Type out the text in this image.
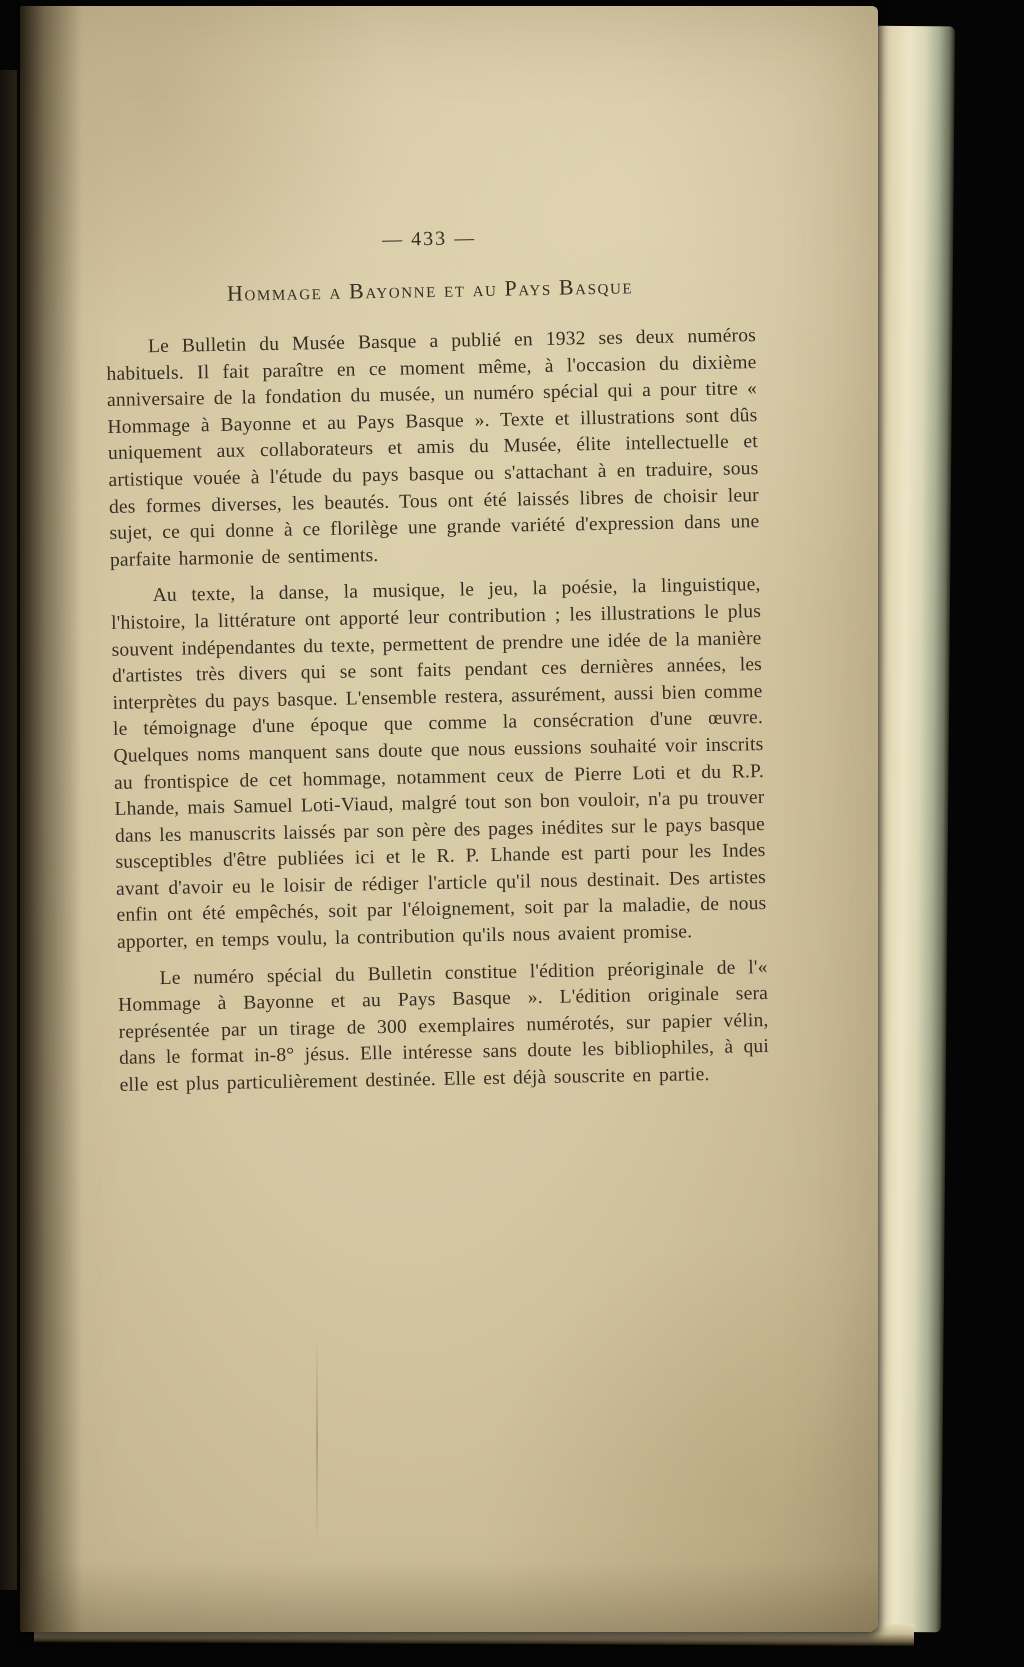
— 433 —
Hommage a Bayonne et au Pays Basque

Le Bulletin du Musée Basque a publié en 1932 ses deux numéros habituels. Il fait paraître en ce moment même, à l'occasion du dixième anniversaire de la fondation du musée, un numéro spécial qui a pour titre « Hommage à Bayonne et au Pays Basque ». Texte et illustrations sont dûs uniquement aux collaborateurs et amis du Musée, élite intellectuelle et artistique vouée à l'étude du pays basque ou s'attachant à en traduire, sous des formes diverses, les beautés. Tous ont été laissés libres de choisir leur sujet, ce qui donne à ce florilège une grande variété d'expression dans une parfaite harmonie de sentiments.

Au texte, la danse, la musique, le jeu, la poésie, la linguistique, l'histoire, la littérature ont apporté leur contribution ; les illustrations le plus souvent indépendantes du texte, permettent de prendre une idée de la manière d'artistes très divers qui se sont faits pendant ces dernières années, les interprètes du pays basque. L'ensemble restera, assurément, aussi bien comme le témoignage d'une époque que comme la consécration d'une œuvre. Quelques noms manquent sans doute que nous eussions souhaité voir inscrits au frontispice de cet hommage, notamment ceux de Pierre Loti et du R.P. Lhande, mais Samuel Loti-Viaud, malgré tout son bon vouloir, n'a pu trouver dans les manuscrits laissés par son père des pages inédites sur le pays basque susceptibles d'être publiées ici et le R. P. Lhande est parti pour les Indes avant d'avoir eu le loisir de rédiger l'article qu'il nous destinait. Des artistes enfin ont été empêchés, soit par l'éloignement, soit par la maladie, de nous apporter, en temps voulu, la contribution qu'ils nous avaient promise.

Le numéro spécial du Bulletin constitue l'édition préoriginale de l'« Hommage à Bayonne et au Pays Basque ». L'édition originale sera représentée par un tirage de 300 exemplaires numérotés, sur papier vélin, dans le format in-8° jésus. Elle intéresse sans doute les bibliophiles, à qui elle est plus particulièrement destinée. Elle est déjà souscrite en partie.
